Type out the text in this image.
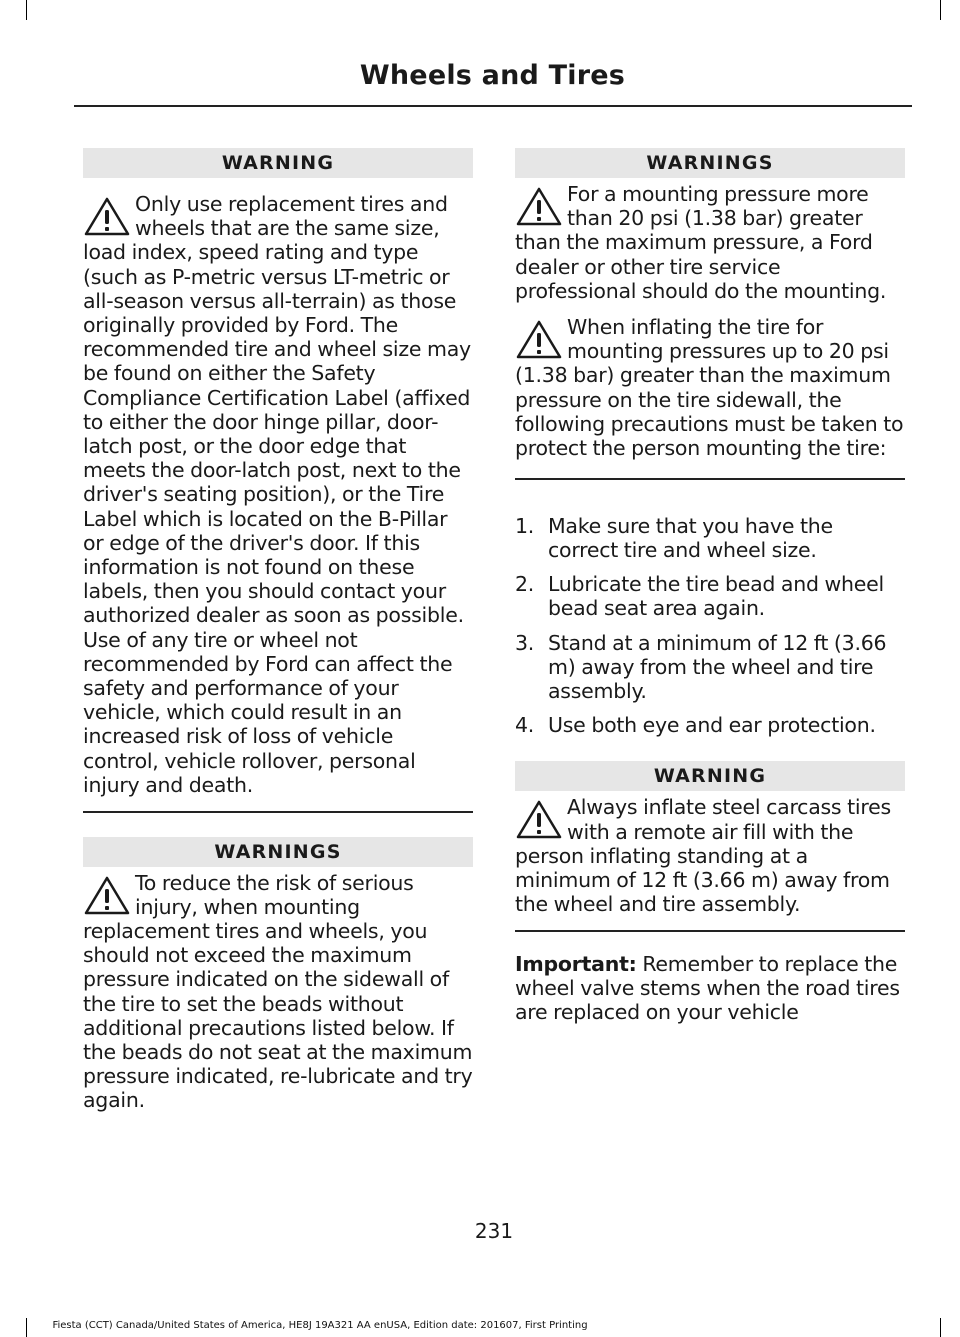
Wheels and Tires
WARNING

Only use replacement tires and wheels that are the same size, load index, speed rating and type (such as P-metric versus LT-metric or all-season versus all-terrain) as those originally provided by Ford. The recommended tire and wheel size may be found on either the Safety Compliance Certification Label (affixed to either the door hinge pillar, door-latch post, or the door edge that meets the door-latch post, next to the driver's seating position), or the Tire Label which is located on the B-Pillar or edge of the driver's door. If this information is not found on these labels, then you should contact your authorized dealer as soon as possible. Use of any tire or wheel not recommended by Ford can affect the safety and performance of your vehicle, which could result in an increased risk of loss of vehicle control, vehicle rollover, personal injury and death.

WARNINGS

To reduce the risk of serious injury, when mounting replacement tires and wheels, you should not exceed the maximum pressure indicated on the sidewall of the tire to set the beads without additional precautions listed below. If the beads do not seat at the maximum pressure indicated, re-lubricate and try again.

WARNINGS

For a mounting pressure more than 20 psi (1.38 bar) greater than the maximum pressure, a Ford dealer or other tire service professional should do the mounting.

When inflating the tire for mounting pressures up to 20 psi (1.38 bar) greater than the maximum pressure on the tire sidewall, the following precautions must be taken to protect the person mounting the tire:

1. Make sure that you have the correct tire and wheel size.
2. Lubricate the tire bead and wheel bead seat area again.
3. Stand at a minimum of 12 ft (3.66 m) away from the wheel and tire assembly.
4. Use both eye and ear protection.
WARNING

Always inflate steel carcass tires with a remote air fill with the person inflating standing at a minimum of 12 ft (3.66 m) away from the wheel and tire assembly.

Important: Remember to replace the wheel valve stems when the road tires are replaced on your vehicle

231
Fiesta (CCT) Canada/United States of America, HE8J 19A321 AA enUSA, Edition date: 201607, First Printing
